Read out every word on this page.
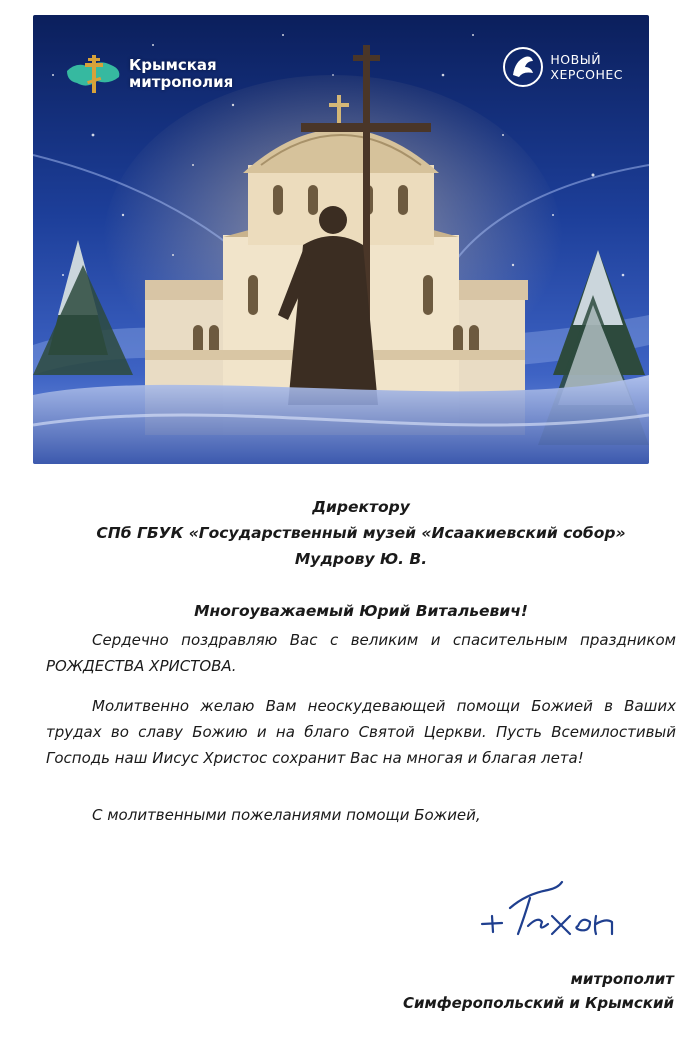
Крымская
митрополия
НОВЫЙ
ХЕРСОНЕС
Директору
СПб ГБУК «Государственный музей «Исаакиевский собор»
Мудрову Ю. В.
Многоуважаемый Юрий Витальевич!
Сердечно поздравляю Вас с великим и спасительным праздником РОЖДЕСТВА ХРИСТОВА.
Молитвенно желаю Вам неоскудевающей помощи Божией в Ваших трудах во славу Божию и на благо Святой Церкви. Пусть Всемилостивый Господь наш Иисус Христос сохранит Вас на многая и благая лета!
С молитвенными пожеланиями помощи Божией,
митрополит
Симферопольский и Крымский
